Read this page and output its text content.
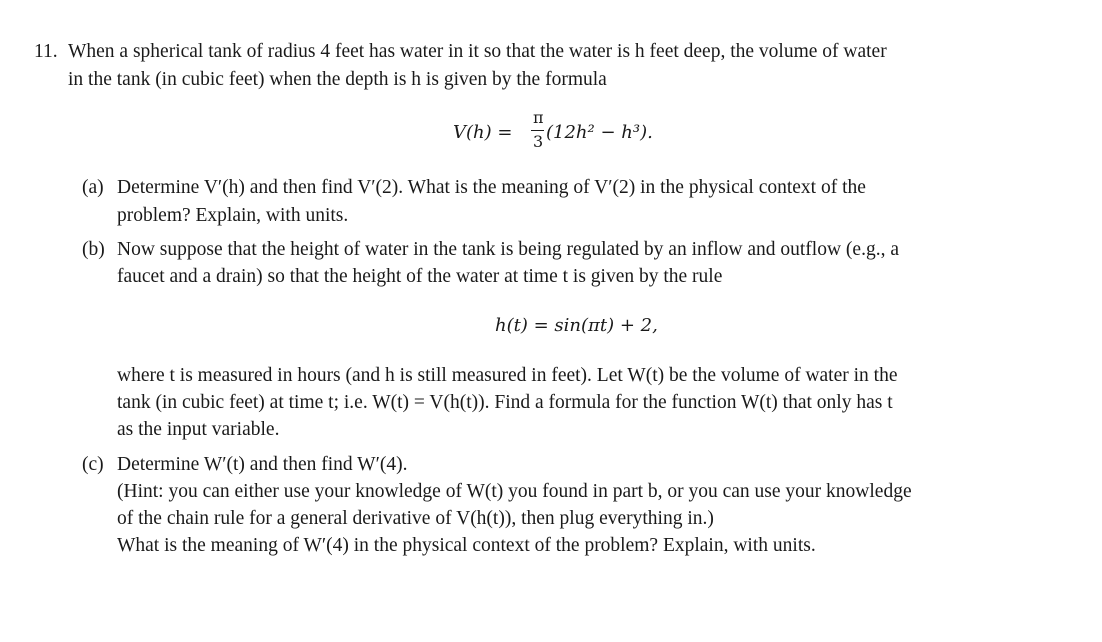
11. When a spherical tank of radius 4 feet has water in it so that the water is h feet deep, the volume of water
in the tank (in cubic feet) when the depth is h is given by the formula
V(h) =
π
3 (12h² − h³).
(a) Determine V′(h) and then find V′(2). What is the meaning of V′(2) in the physical context of the
problem? Explain, with units.
(b) Now suppose that the height of water in the tank is being regulated by an inflow and outflow (e.g., a
faucet and a drain) so that the height of the water at time t is given by the rule
h(t) = sin(πt) + 2,
where t is measured in hours (and h is still measured in feet). Let W(t) be the volume of water in the
tank (in cubic feet) at time t; i.e. W(t) = V(h(t)). Find a formula for the function W(t) that only has t
as the input variable.
(c) Determine W′(t) and then find W′(4).
(Hint: you can either use your knowledge of W(t) you found in part b, or you can use your knowledge
of the chain rule for a general derivative of V(h(t)), then plug everything in.)
What is the meaning of W′(4) in the physical context of the problem? Explain, with units.
